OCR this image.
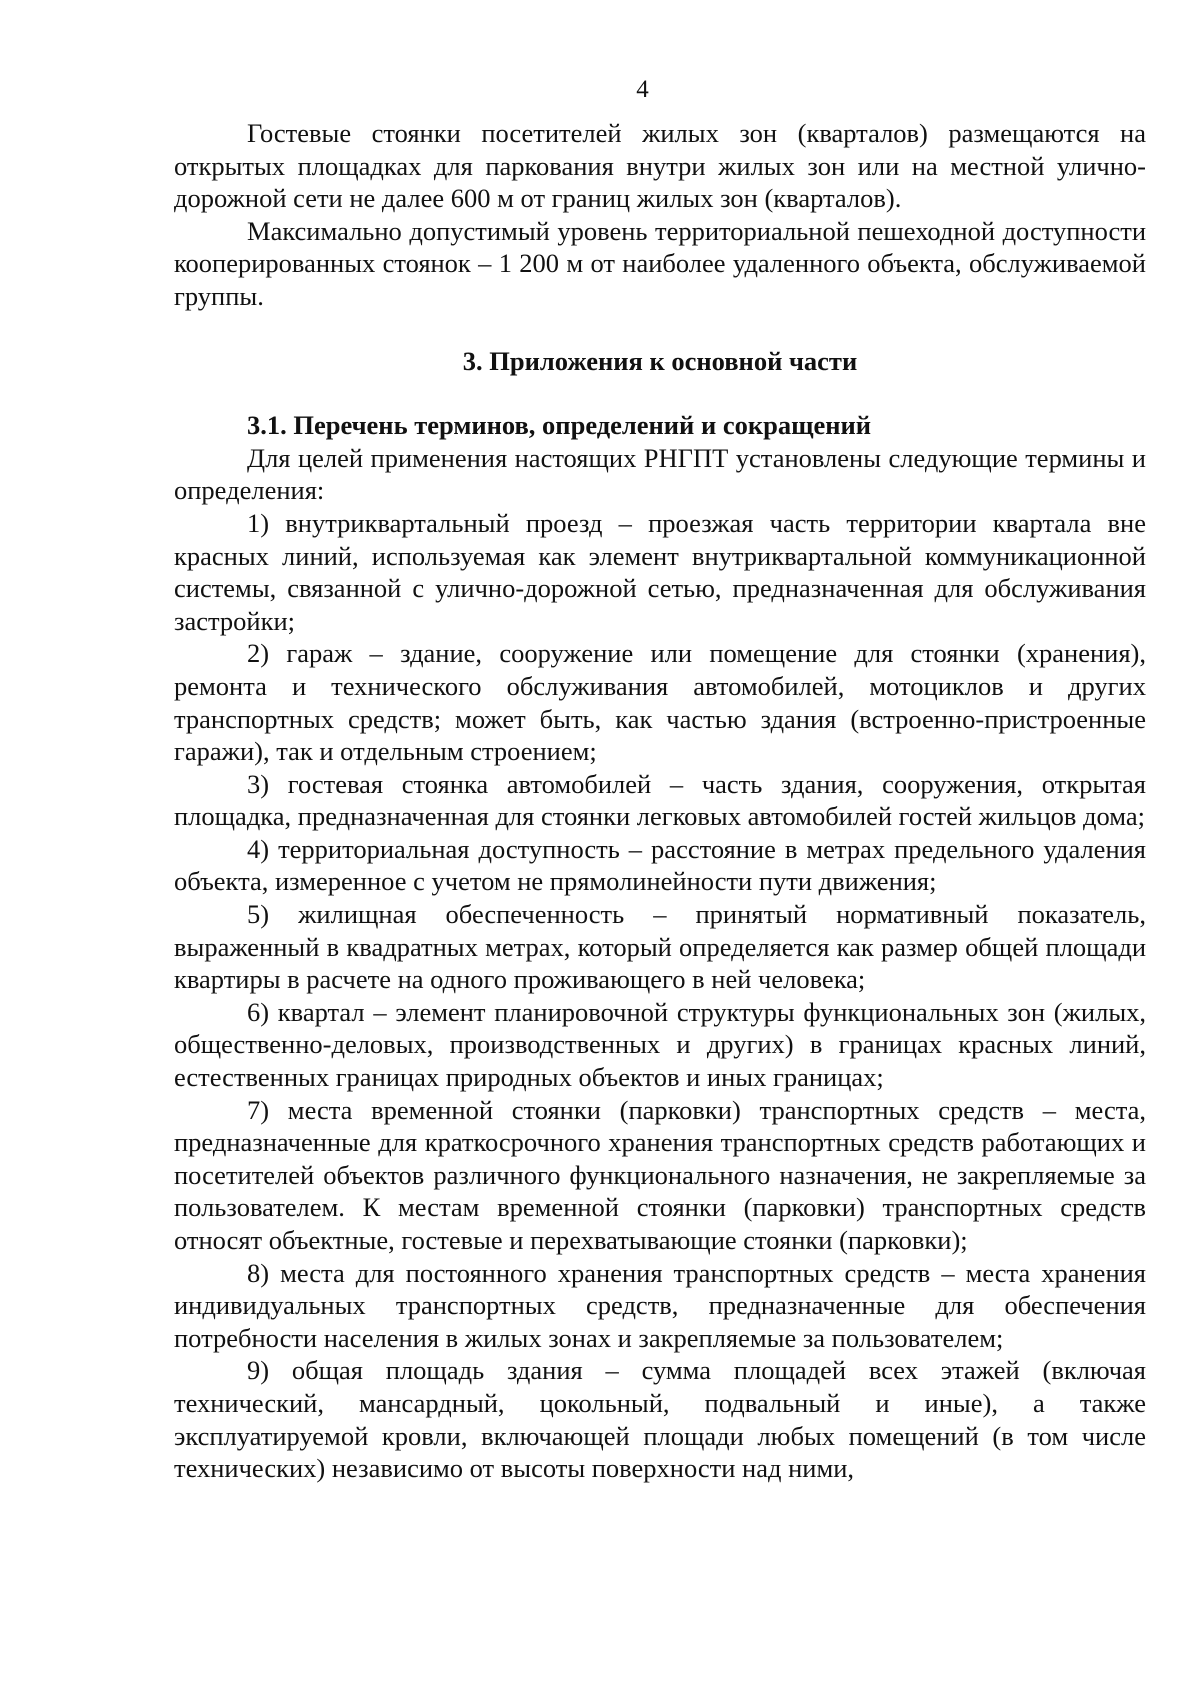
4

Гостевые стоянки посетителей жилых зон (кварталов) размещаются на открытых площадках для паркования внутри жилых зон или на местной улично-дорожной сети не далее 600 м от границ жилых зон (кварталов).

Максимально допустимый уровень территориальной пешеходной доступности кооперированных стоянок – 1 200 м от наиболее удаленного объекта, обслуживаемой группы.

3. Приложения к основной части
3.1. Перечень терминов, определений и сокращений

Для целей применения настоящих РНГПТ установлены следующие термины и определения:

1) внутриквартальный проезд – проезжая часть территории квартала вне красных линий, используемая как элемент внутриквартальной коммуникационной системы, связанной с улично-дорожной сетью, предназначенная для обслуживания застройки;

2) гараж – здание, сооружение или помещение для стоянки (хранения), ремонта и технического обслуживания автомобилей, мотоциклов и других транспортных средств; может быть, как частью здания (встроенно-пристроенные гаражи), так и отдельным строением;

3) гостевая стоянка автомобилей – часть здания, сооружения, открытая площадка, предназначенная для стоянки легковых автомобилей гостей жильцов дома;

4) территориальная доступность – расстояние в метрах предельного удаления объекта, измеренное с учетом не прямолинейности пути движения;

5) жилищная обеспеченность – принятый нормативный показатель, выраженный в квадратных метрах, который определяется как размер общей площади квартиры в расчете на одного проживающего в ней человека;

6) квартал – элемент планировочной структуры функциональных зон (жилых, общественно-деловых, производственных и других) в границах красных линий, естественных границах природных объектов и иных границах;

7) места временной стоянки (парковки) транспортных средств – места, предназначенные для краткосрочного хранения транспортных средств работающих и посетителей объектов различного функционального назначения, не закрепляемые за пользователем. К местам временной стоянки (парковки) транспортных средств относят объектные, гостевые и перехватывающие стоянки (парковки);

8) места для постоянного хранения транспортных средств – места хранения индивидуальных транспортных средств, предназначенные для обеспечения потребности населения в жилых зонах и закрепляемые за пользователем;

9) общая площадь здания – сумма площадей всех этажей (включая технический, мансардный, цокольный, подвальный и иные), а также эксплуатируемой кровли, включающей площади любых помещений (в том числе технических) независимо от высоты поверхности над ними,
